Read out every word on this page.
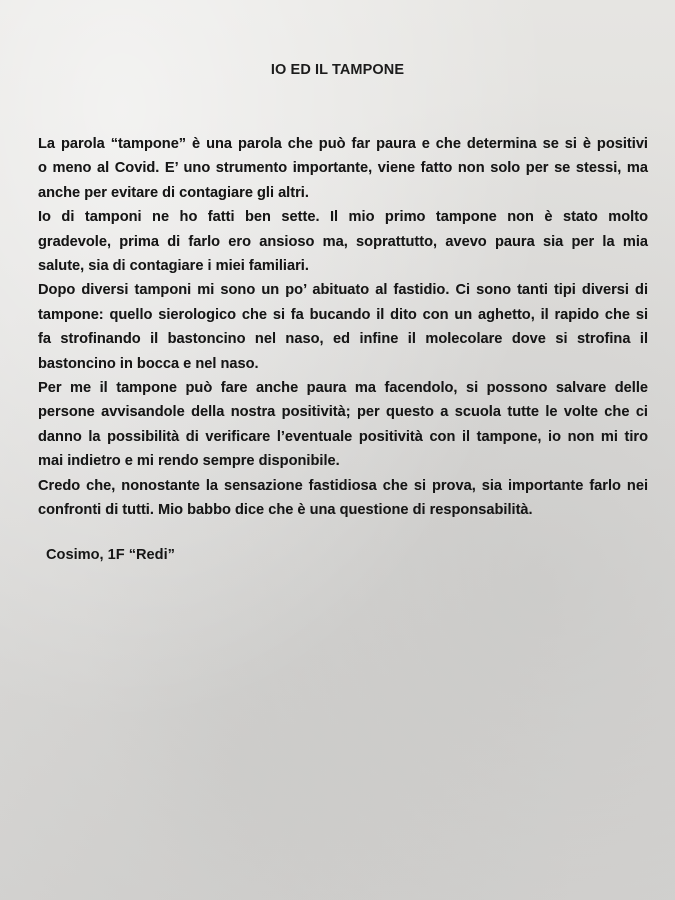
IO ED IL TAMPONE
La parola “tampone” è una parola che può far paura e che determina se si è positivi
o meno al Covid. E’ uno strumento importante, viene fatto non solo per se stessi, ma
anche per evitare di contagiare gli altri.
Io di tamponi ne ho fatti ben sette. Il mio primo tampone non è stato molto
gradevole, prima di farlo ero ansioso ma, soprattutto, avevo paura sia per la mia
salute, sia di contagiare i miei familiari.
Dopo diversi tamponi mi sono un po’ abituato al fastidio. Ci sono tanti tipi diversi di
tampone: quello sierologico che si fa bucando il dito con un aghetto, il rapido che si
fa strofinando il bastoncino nel naso, ed infine il molecolare dove si strofina il
bastoncino in bocca e nel naso.
Per me il tampone può fare anche paura ma facendolo, si possono salvare delle
persone avvisandole della nostra positività; per questo a scuola tutte le volte che ci
danno la possibilità di verificare l’eventuale positività con il tampone, io non mi tiro
mai indietro e mi rendo sempre disponibile.
Credo che, nonostante la sensazione fastidiosa che si prova, sia importante farlo nei
confronti di tutti. Mio babbo dice che è una questione di responsabilità.
Cosimo, 1F “Redi”
